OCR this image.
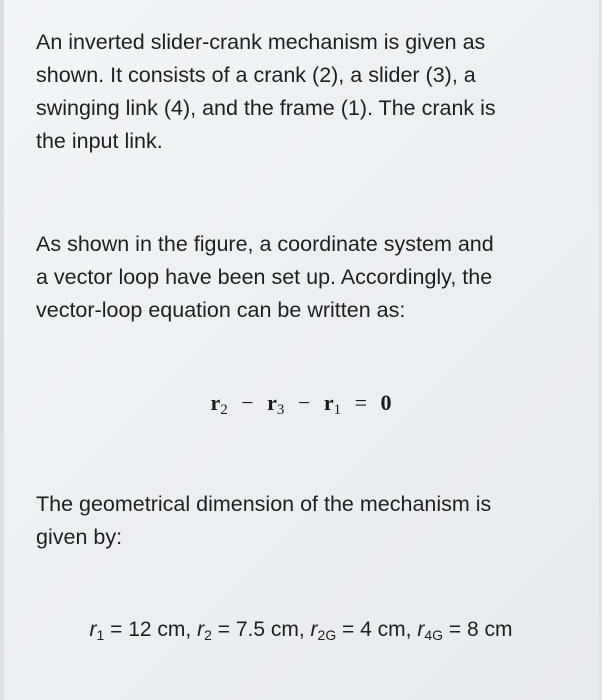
An inverted slider-crank mechanism is given as
shown. It consists of a crank (2), a slider (3), a
swinging link (4), and the frame (1). The crank is
the input link.
As shown in the figure, a coordinate system and
a vector loop have been set up. Accordingly, the
vector-loop equation can be written as:
$r_2 - r_3 - r_1 = 0$
The geometrical dimension of the mechanism is
given by:
$r_1 = 12$ cm, $r_2 = 7.5$ cm, $r_{2G} = 4$ cm, $r_{4G} = 8$ cm
